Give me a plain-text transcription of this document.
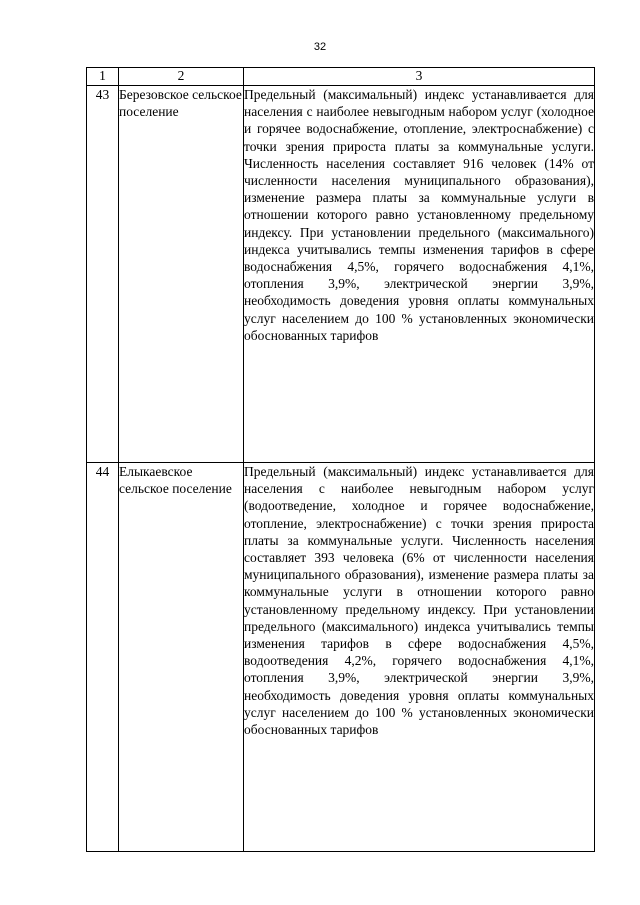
32
1	2	3
43	Березовское сельское поселение	Предельный (максимальный) индекс устанавливается для населения с наиболее невыгодным набором услуг (холодное и горячее водоснабжение, отопление, электроснабжение) с точки зрения прироста платы за коммунальные услуги. Численность населения составляет 916 человек (14% от численности населения муниципального образования), изменение размера платы за коммунальные услуги в отношении которого равно установленному предельному индексу. При установлении предельного (максимального) индекса учитывались темпы изменения тарифов в сфере водоснабжения 4,5%, горячего водоснабжения 4,1%, отопления 3,9%, электрической энергии 3,9%, необходимость доведения уровня оплаты коммунальных услуг населением до 100 % установленных экономически обоснованных тарифов
44	Елыкаевское сельское поселение	Предельный (максимальный) индекс устанавливается для населения с наиболее невыгодным набором услуг (водоотведение, холодное и горячее водоснабжение, отопление, электроснабжение) с точки зрения прироста платы за коммунальные услуги. Численность населения составляет 393 человека (6% от численности населения муниципального образования), изменение размера платы за коммунальные услуги в отношении которого равно установленному предельному индексу. При установлении предельного (максимального) индекса учитывались темпы изменения тарифов в сфере водоснабжения 4,5%, водоотведения 4,2%, горячего водоснабжения 4,1%, отопления 3,9%, электрической энергии 3,9%, необходимость доведения уровня оплаты коммунальных услуг населением до 100 % установленных экономически обоснованных тарифов
